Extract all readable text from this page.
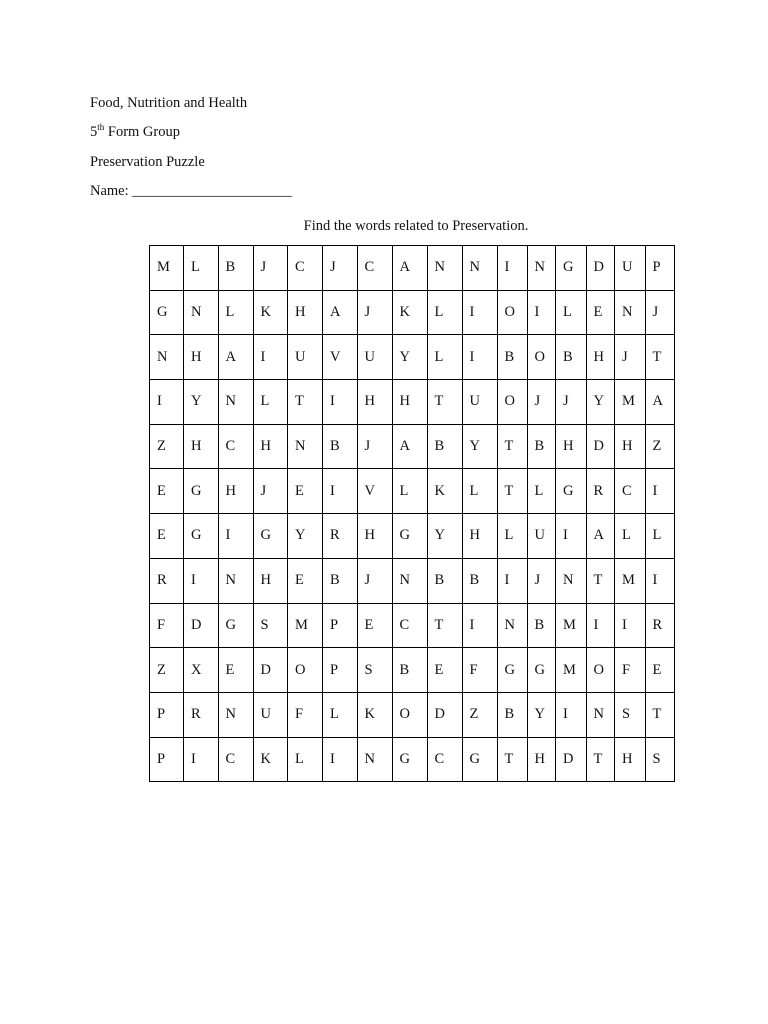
Food, Nutrition and Health
5th Form Group
Preservation Puzzle
Name: ______________________
Find the words related to Preservation.
M	L	B	J	C	J	C	A	N	N	I	N	G	D	U	P
G	N	L	K	H	A	J	K	L	I	O	I	L	E	N	J
N	H	A	I	U	V	U	Y	L	I	B	O	B	H	J	T
I	Y	N	L	T	I	H	H	T	U	O	J	J	Y	M	A
Z	H	C	H	N	B	J	A	B	Y	T	B	H	D	H	Z
E	G	H	J	E	I	V	L	K	L	T	L	G	R	C	I
E	G	I	G	Y	R	H	G	Y	H	L	U	I	A	L	L
R	I	N	H	E	B	J	N	B	B	I	J	N	T	M	I
F	D	G	S	M	P	E	C	T	I	N	B	M	I	I	R
Z	X	E	D	O	P	S	B	E	F	G	G	M	O	F	E
P	R	N	U	F	L	K	O	D	Z	B	Y	I	N	S	T
P	I	C	K	L	I	N	G	C	G	T	H	D	T	H	S
